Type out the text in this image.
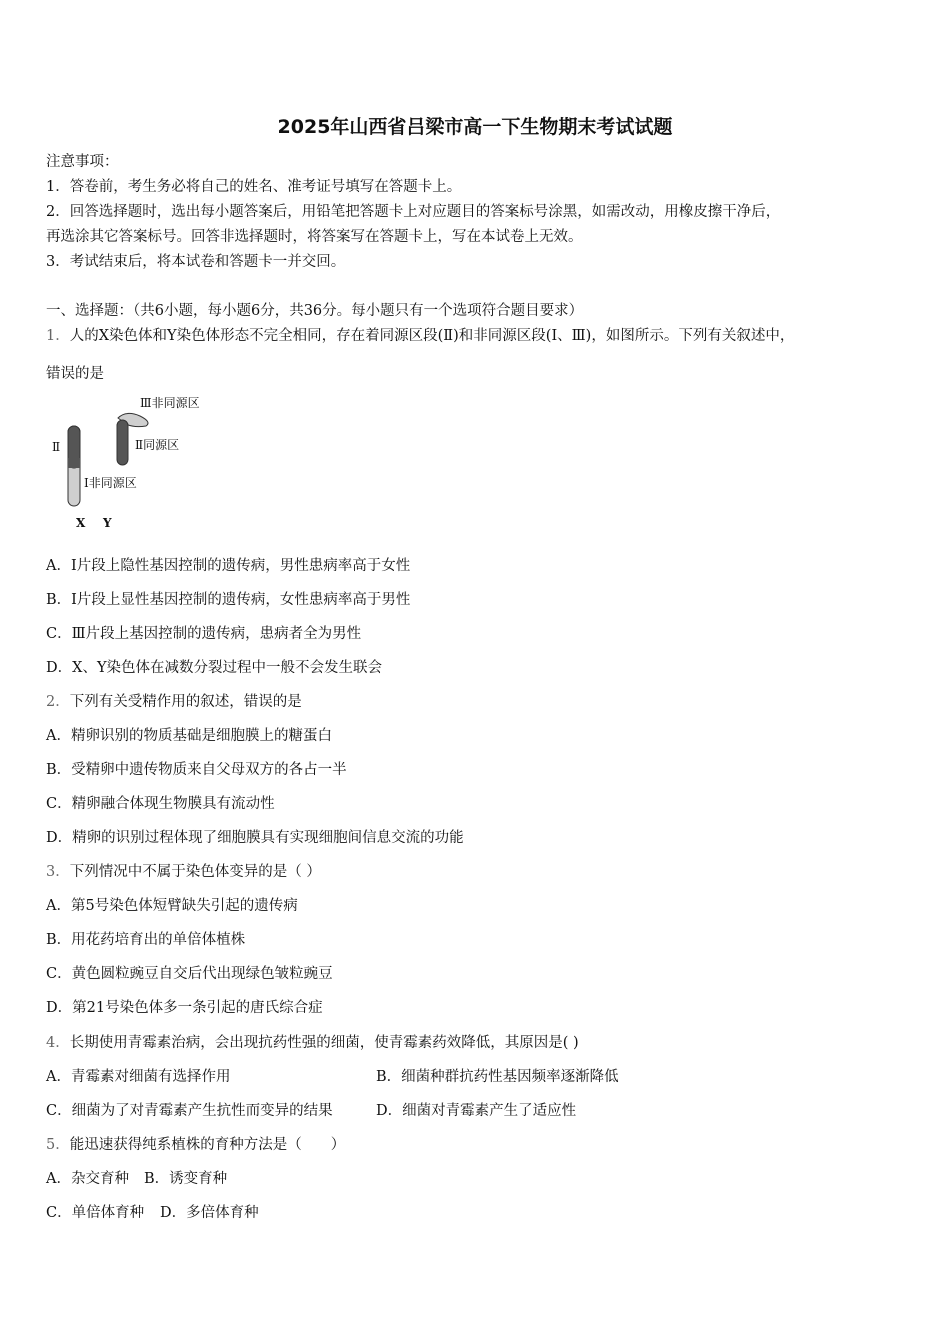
2025年山西省吕梁市高一下生物期末考试试题
注意事项：
1．答卷前，考生务必将自己的姓名、准考证号填写在答题卡上。
2．回答选择题时，选出每小题答案后，用铅笔把答题卡上对应题目的答案标号涂黑，如需改动，用橡皮擦干净后，
再选涂其它答案标号。回答非选择题时，将答案写在答题卡上，写在本试卷上无效。
3．考试结束后，将本试卷和答题卡一并交回。
一、选择题：（共6小题，每小题6分，共36分。每小题只有一个选项符合题目要求）
1．人的X染色体和Y染色体形态不完全相同，存在着同源区段(Ⅱ)和非同源区段(Ⅰ、Ⅲ)，如图所示。下列有关叙述中，
错误的是
Ⅲ非同源区
Ⅱ同源区
Ⅱ
Ⅰ非同源区
X Y
A．Ⅰ片段上隐性基因控制的遗传病，男性患病率高于女性
B．Ⅰ片段上显性基因控制的遗传病，女性患病率高于男性
C．Ⅲ片段上基因控制的遗传病，患病者全为男性
D．X、Y染色体在减数分裂过程中一般不会发生联会
2．下列有关受精作用的叙述，错误的是
A．精卵识别的物质基础是细胞膜上的糖蛋白
B．受精卵中遗传物质来自父母双方的各占一半
C．精卵融合体现生物膜具有流动性
D．精卵的识别过程体现了细胞膜具有实现细胞间信息交流的功能
3．下列情况中不属于染色体变异的是（ ）
A．第5号染色体短臂缺失引起的遗传病
B．用花药培育出的单倍体植株
C．黄色圆粒豌豆自交后代出现绿色皱粒豌豆
D．第21号染色体多一条引起的唐氏综合症
4．长期使用青霉素治病，会出现抗药性强的细菌，使青霉素药效降低，其原因是( )
A．青霉素对细菌有选择作用	B．细菌种群抗药性基因频率逐渐降低
C．细菌为了对青霉素产生抗性而变异的结果	D．细菌对青霉素产生了适应性
5．能迅速获得纯系植株的育种方法是（　　）
A．杂交育种 B．诱变育种
C．单倍体育种 D．多倍体育种
